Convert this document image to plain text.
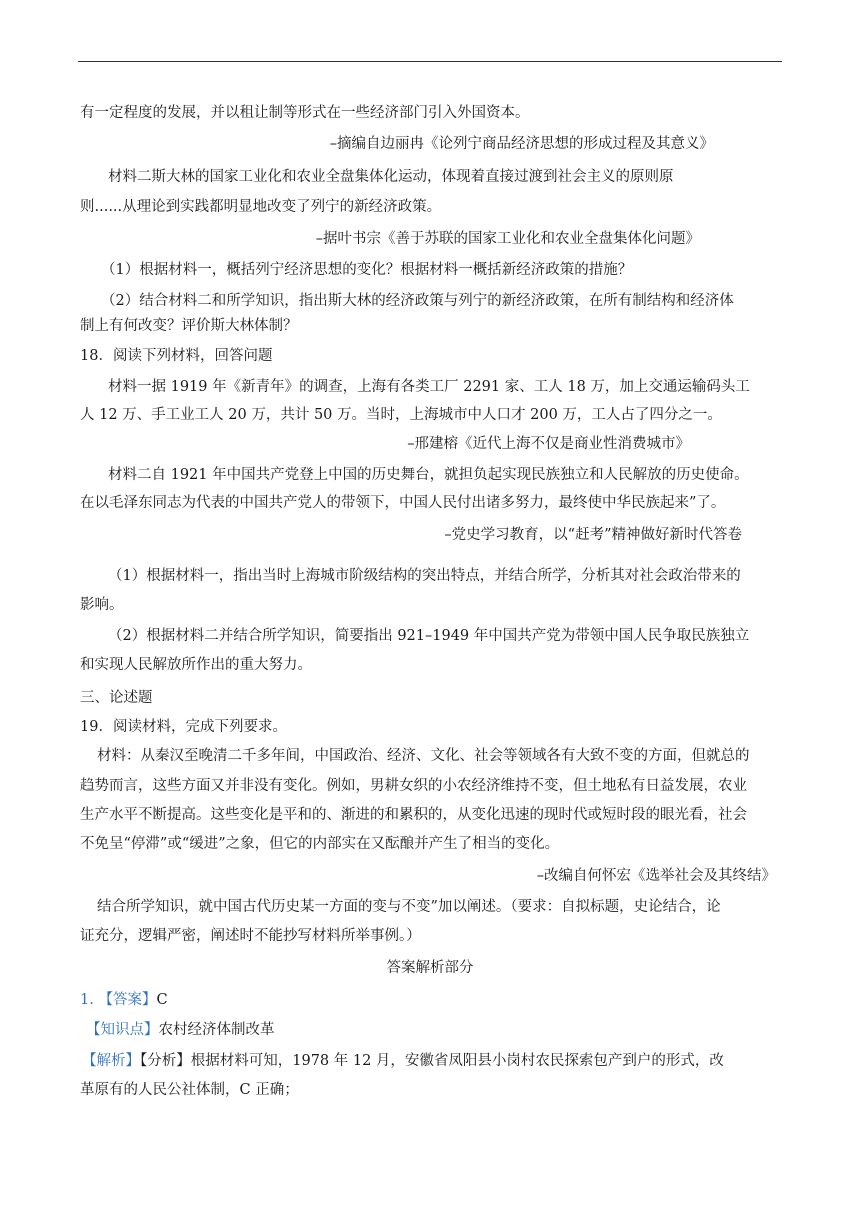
有一定程度的发展，并以租让制等形式在一些经济部门引入外国资本。
–摘编自边丽冉《论列宁商品经济思想的形成过程及其意义》
材料二斯大林的国家工业化和农业全盘集体化运动，体现着直接过渡到社会主义的原则原
则......从理论到实践都明显地改变了列宁的新经济政策。
–据叶书宗《善于苏联的国家工业化和农业全盘集体化问题》
（1）根据材料一，概括列宁经济思想的变化？根据材料一概括新经济政策的措施？
（2）结合材料二和所学知识，指出斯大林的经济政策与列宁的新经济政策，在所有制结构和经济体
制上有何改变？评价斯大林体制？
18．阅读下列材料，回答问题
材料一据 1919 年《新青年》的调查，上海有各类工厂 2291 家、工人 18 万，加上交通运输码头工
人 12 万、手工业工人 20 万，共计 50 万。当时，上海城市中人口才 200 万，工人占了四分之一。
–邢建榕《近代上海不仅是商业性消费城市》
材料二自 1921 年中国共产党登上中国的历史舞台，就担负起实现民族独立和人民解放的历史使命。
在以毛泽东同志为代表的中国共产党人的带领下，中国人民付出诸多努力，最终使中华民族起来”了。
–党史学习教育，以“赶考”精神做好新时代答卷
（1）根据材料一，指出当时上海城市阶级结构的突出特点，并结合所学，分析其对社会政治带来的
影响。
（2）根据材料二并结合所学知识，简要指出 921–1949 年中国共产党为带领中国人民争取民族独立
和实现人民解放所作出的重大努力。
三、论述题
19．阅读材料，完成下列要求。
材料：从秦汉至晚清二千多年间，中国政治、经济、文化、社会等领域各有大致不变的方面，但就总的
趋势而言，这些方面又并非没有变化。例如，男耕女织的小农经济维持不变，但土地私有日益发展，农业
生产水平不断提高。这些变化是平和的、渐进的和累积的，从变化迅速的现时代或短时段的眼光看，社会
不免呈“停滞”或“缓进”之象，但它的内部实在又酝酿并产生了相当的变化。
–改编自何怀宏《选举社会及其终结》
结合所学知识，就中国古代历史某一方面的变与不变”加以阐述。（要求：自拟标题，史论结合，论
证充分，逻辑严密，阐述时不能抄写材料所举事例。）
答案解析部分
1. 【答案】C
【知识点】农村经济体制改革
【解析】【分析】根据材料可知，1978 年 12 月，安徽省凤阳县小岗村农民探索包产到户的形式，改
革原有的人民公社体制，C 正确；
